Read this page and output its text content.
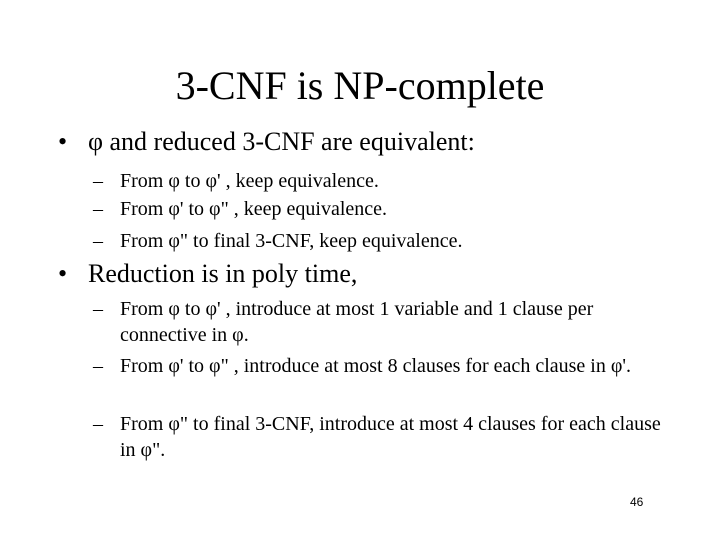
3-CNF is NP-complete
• φ and reduced 3-CNF are equivalent:

– From φ to φ' , keep equivalence.

– From φ' to φ" , keep equivalence.

– From φ" to final 3-CNF, keep equivalence.

• Reduction is in poly time,

– From φ to φ' , introduce at most 1 variable and 1 clause per connective in φ.

– From φ' to φ" , introduce at most 8 clauses for each clause in φ'.

– From φ" to final 3-CNF, introduce at most 4 clauses for each clause in φ".

46
